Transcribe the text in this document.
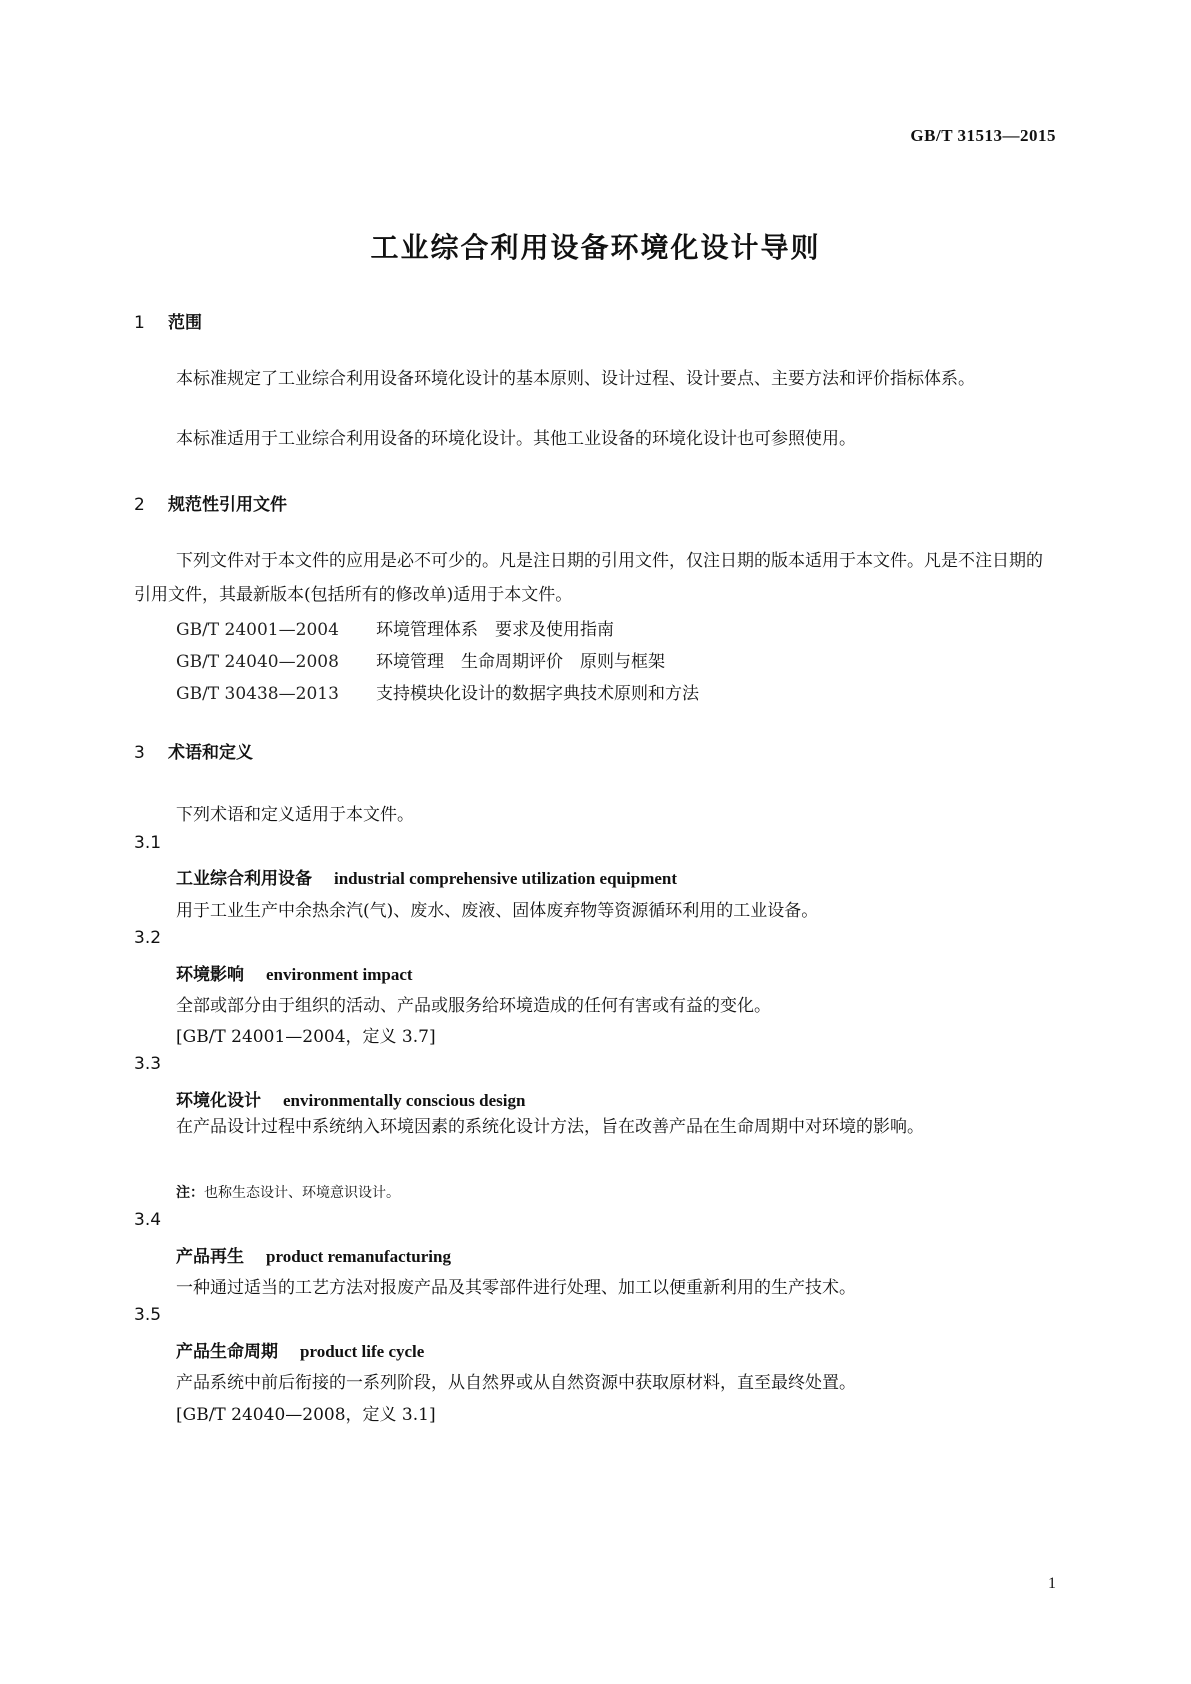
GB/T 31513—2015
工业综合利用设备环境化设计导则
1 范围
本标准规定了工业综合利用设备环境化设计的基本原则、设计过程、设计要点、主要方法和评价指标体系。
本标准适用于工业综合利用设备的环境化设计。其他工业设备的环境化设计也可参照使用。
2 规范性引用文件
下列文件对于本文件的应用是必不可少的。凡是注日期的引用文件，仅注日期的版本适用于本文件。凡是不注日期的引用文件，其最新版本(包括所有的修改单)适用于本文件。
GB/T 24001—2004 环境管理体系　要求及使用指南
GB/T 24040—2008 环境管理　生命周期评价　原则与框架
GB/T 30438—2013 支持模块化设计的数据字典技术原则和方法
3 术语和定义
下列术语和定义适用于本文件。
3.1
工业综合利用设备 industrial comprehensive utilization equipment
用于工业生产中余热余汽(气)、废水、废液、固体废弃物等资源循环利用的工业设备。
3.2
环境影响 environment impact
全部或部分由于组织的活动、产品或服务给环境造成的任何有害或有益的变化。
[GB/T 24001—2004，定义 3.7]
3.3
环境化设计 environmentally conscious design
在产品设计过程中系统纳入环境因素的系统化设计方法，旨在改善产品在生命周期中对环境的影响。
注：也称生态设计、环境意识设计。
3.4
产品再生 product remanufacturing
一种通过适当的工艺方法对报废产品及其零部件进行处理、加工以便重新利用的生产技术。
3.5
产品生命周期 product life cycle
产品系统中前后衔接的一系列阶段，从自然界或从自然资源中获取原材料，直至最终处置。
[GB/T 24040—2008，定义 3.1]
1
